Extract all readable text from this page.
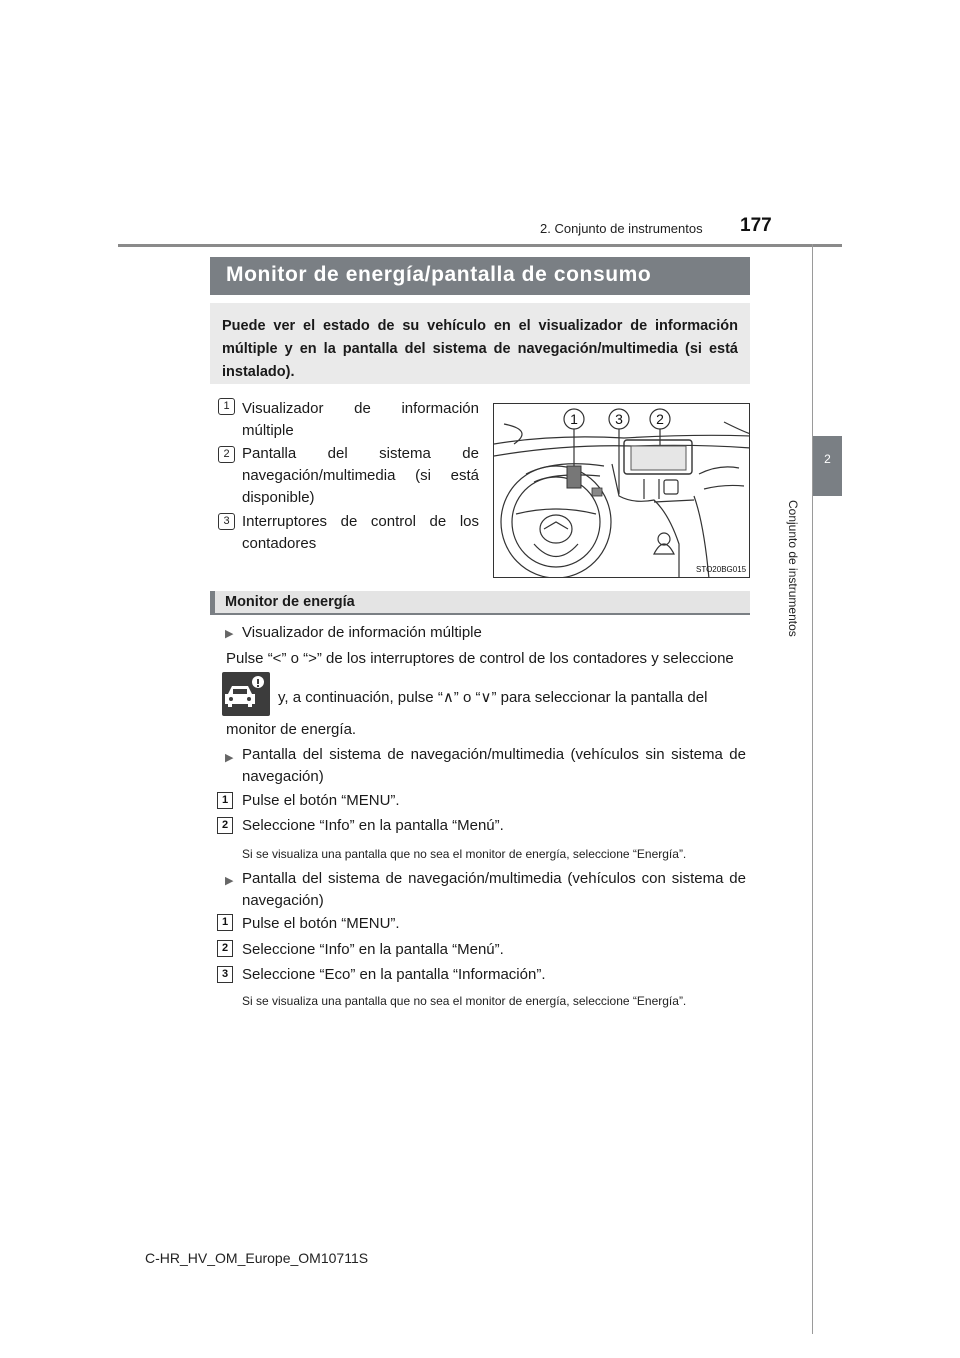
2. Conjunto de instrumentos 177
2
Conjunto de instrumentos
Monitor de energía/pantalla de consumo
Puede ver el estado de su vehículo en el visualizador de información múltiple y en la pantalla del sistema de navegación/multimedia (si está instalado).
1 Visualizador de información múltiple
2 Pantalla del sistema de navegación/multimedia (si está disponible)
3 Interruptores de control de los contadores
1	3 2
STO20BG015
Monitor de energía
▶ Visualizador de información múltiple
Pulse “<” o “>” de los interruptores de control de los contadores y seleccione
y, a continuación, pulse “∧” o “∨” para seleccionar la pantalla del
monitor de energía.
▶ Pantalla del sistema de navegación/multimedia (vehículos sin sistema de navegación)
1 Pulse el botón “MENU”.
2 Seleccione “Info” en la pantalla “Menú”.
Si se visualiza una pantalla que no sea el monitor de energía, seleccione “Energía”.
▶ Pantalla del sistema de navegación/multimedia (vehículos con sistema de navegación)
1 Pulse el botón “MENU”.
2 Seleccione “Info” en la pantalla “Menú”.
3 Seleccione “Eco” en la pantalla “Información”.
Si se visualiza una pantalla que no sea el monitor de energía, seleccione “Energía”.
C-HR_HV_OM_Europe_OM10711S
